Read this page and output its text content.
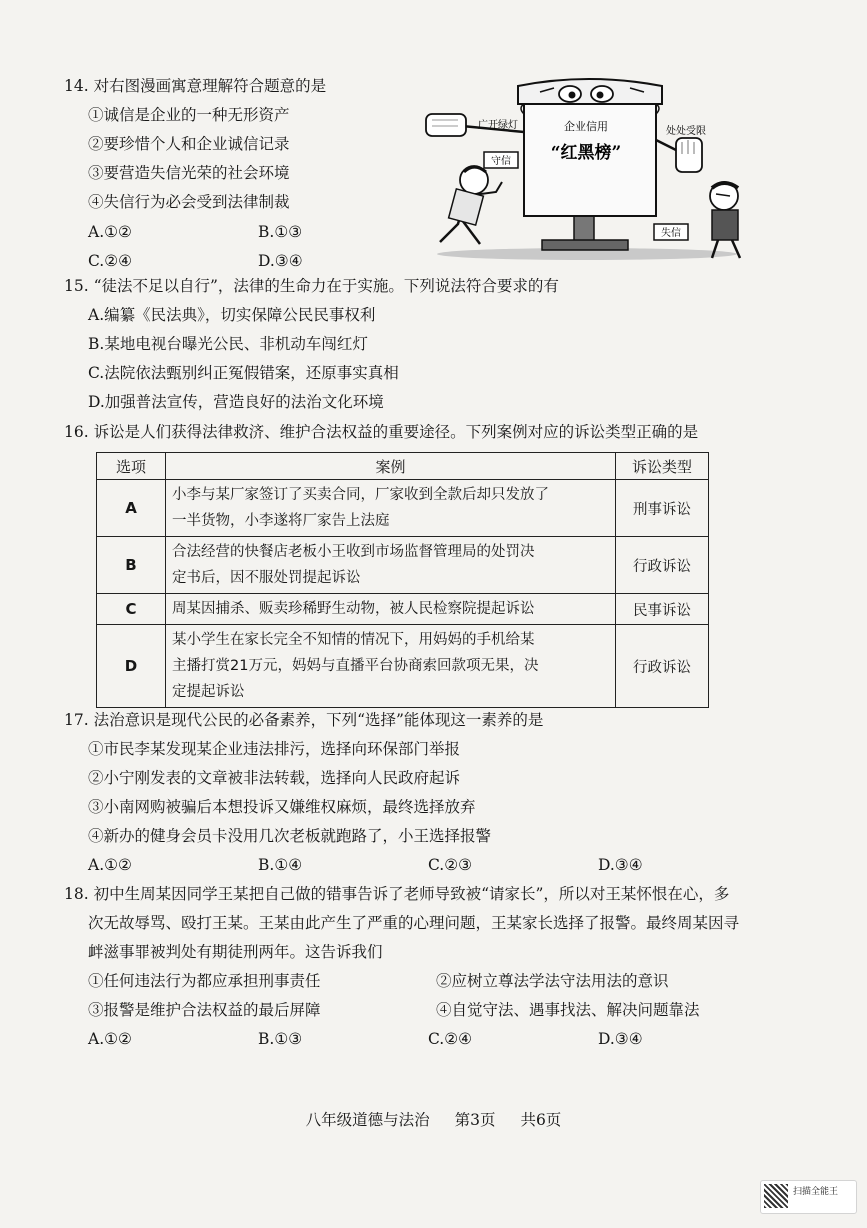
14. 对右图漫画寓意理解符合题意的是
①诚信是企业的一种无形资产
②要珍惜个人和企业诚信记录
③要营造失信光荣的社会环境
④失信行为必会受到法律制裁
A.①②	B.①③
C.②④	D.③④
企业信用
“红黑榜”
广开绿灯
处处受限
守信
失信
15. “徒法不足以自行”，法律的生命力在于实施。下列说法符合要求的有
A.编纂《民法典》，切实保障公民民事权利
B.某地电视台曝光公民、非机动车闯红灯
C.法院依法甄别纠正冤假错案，还原事实真相
D.加强普法宣传，营造良好的法治文化环境
16. 诉讼是人们获得法律救济、维护合法权益的重要途径。下列案例对应的诉讼类型正确的是
选项	案例	诉讼类型
A	小李与某厂家签订了买卖合同，厂家收到全款后却只发放了
一半货物，小李遂将厂家告上法庭	刑事诉讼
B	合法经营的快餐店老板小王收到市场监督管理局的处罚决
定书后，因不服处罚提起诉讼	行政诉讼
C	周某因捕杀、贩卖珍稀野生动物，被人民检察院提起诉讼	民事诉讼
D	某小学生在家长完全不知情的情况下，用妈妈的手机给某
主播打赏21万元，妈妈与直播平台协商索回款项无果，决
定提起诉讼	行政诉讼
17. 法治意识是现代公民的必备素养，下列“选择”能体现这一素养的是
①市民李某发现某企业违法排污，选择向环保部门举报
②小宁刚发表的文章被非法转载，选择向人民政府起诉
③小南网购被骗后本想投诉又嫌维权麻烦，最终选择放弃
④新办的健身会员卡没用几次老板就跑路了，小王选择报警
A.①②	B.①④	C.②③	D.③④
18. 初中生周某因同学王某把自己做的错事告诉了老师导致被“请家长”，所以对王某怀恨在心，多
次无故辱骂、殴打王某。王某由此产生了严重的心理问题，王某家长选择了报警。最终周某因寻
衅滋事罪被判处有期徒刑两年。这告诉我们
①任何违法行为都应承担刑事责任	②应树立尊法学法守法用法的意识
③报警是维护合法权益的最后屏障	④自觉守法、遇事找法、解决问题靠法
A.①②	B.①③	C.②④	D.③④
八年级道德与法治 第3页 共6页
扫描全能王
